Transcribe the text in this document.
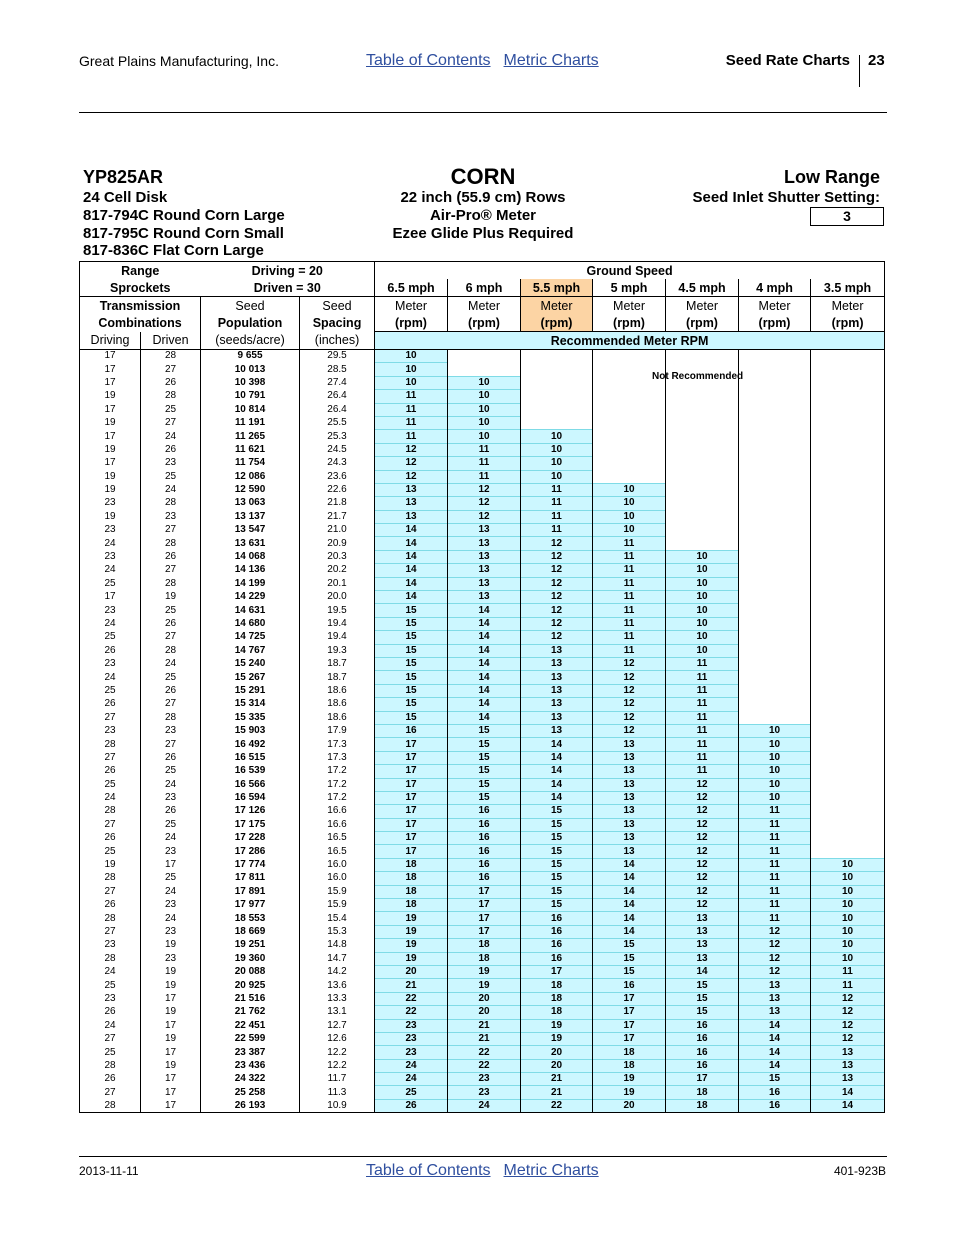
Great Plains Manufacturing, Inc.	Table of Contents Metric Charts	Seed Rate Charts 23
YP825AR
24 Cell Disk
817-794C Round Corn Large
817-795C Round Corn Small
817-836C Flat Corn Large
CORN
22 inch (55.9 cm) Rows
Air-Pro® Meter
Ezee Glide Plus Required
Low Range
Seed Inlet Shutter Setting:
3
Range		Driving = 20		Ground Speed						
Sprockets		Driven = 30		6.5 mph	6 mph	5.5 mph	5 mph	4.5 mph	4 mph	3.5 mph
Transmission		Seed	Seed	Meter	Meter	Meter	Meter	Meter	Meter	Meter
Combinations		Population	Spacing	(rpm)	(rpm)	(rpm)	(rpm)	(rpm)	(rpm)	(rpm)
Driving	Driven	(seeds/acre)	(inches)	Recommended Meter RPM						
17	28	9 655	29.5	10						
17	27	10 013	28.5	10						
17	26	10 398	27.4	10	10					
19	28	10 791	26.4	11	10					
17	25	10 814	26.4	11	10					
19	27	11 191	25.5	11	10					
17	24	11 265	25.3	11	10	10				
19	26	11 621	24.5	12	11	10				
17	23	11 754	24.3	12	11	10				
19	25	12 086	23.6	12	11	10				
19	24	12 590	22.6	13	12	11	10			
23	28	13 063	21.8	13	12	11	10			
19	23	13 137	21.7	13	12	11	10			
23	27	13 547	21.0	14	13	11	10			
24	28	13 631	20.9	14	13	12	11			
23	26	14 068	20.3	14	13	12	11	10		
24	27	14 136	20.2	14	13	12	11	10		
25	28	14 199	20.1	14	13	12	11	10		
17	19	14 229	20.0	14	13	12	11	10		
23	25	14 631	19.5	15	14	12	11	10		
24	26	14 680	19.4	15	14	12	11	10		
25	27	14 725	19.4	15	14	12	11	10		
26	28	14 767	19.3	15	14	13	11	10		
23	24	15 240	18.7	15	14	13	12	11		
24	25	15 267	18.7	15	14	13	12	11		
25	26	15 291	18.6	15	14	13	12	11		
26	27	15 314	18.6	15	14	13	12	11		
27	28	15 335	18.6	15	14	13	12	11		
23	23	15 903	17.9	16	15	13	12	11	10	
28	27	16 492	17.3	17	15	14	13	11	10	
27	26	16 515	17.3	17	15	14	13	11	10	
26	25	16 539	17.2	17	15	14	13	11	10	
25	24	16 566	17.2	17	15	14	13	12	10	
24	23	16 594	17.2	17	15	14	13	12	10	
28	26	17 126	16.6	17	16	15	13	12	11	
27	25	17 175	16.6	17	16	15	13	12	11	
26	24	17 228	16.5	17	16	15	13	12	11	
25	23	17 286	16.5	17	16	15	13	12	11	
19	17	17 774	16.0	18	16	15	14	12	11	10
28	25	17 811	16.0	18	16	15	14	12	11	10
27	24	17 891	15.9	18	17	15	14	12	11	10
26	23	17 977	15.9	18	17	15	14	12	11	10
28	24	18 553	15.4	19	17	16	14	13	11	10
27	23	18 669	15.3	19	17	16	14	13	12	10
23	19	19 251	14.8	19	18	16	15	13	12	10
28	23	19 360	14.7	19	18	16	15	13	12	10
24	19	20 088	14.2	20	19	17	15	14	12	11
25	19	20 925	13.6	21	19	18	16	15	13	11
23	17	21 516	13.3	22	20	18	17	15	13	12
26	19	21 762	13.1	22	20	18	17	15	13	12
24	17	22 451	12.7	23	21	19	17	16	14	12
27	19	22 599	12.6	23	21	19	17	16	14	12
25	17	23 387	12.2	23	22	20	18	16	14	13
28	19	23 436	12.2	24	22	20	18	16	14	13
26	17	24 322	11.7	24	23	21	19	17	15	13
27	17	25 258	11.3	25	23	21	19	18	16	14
28	17	26 193	10.9	26	24	22	20	18	16	14
Not Recommended
2013-11-11	Table of Contents Metric Charts	401-923B
